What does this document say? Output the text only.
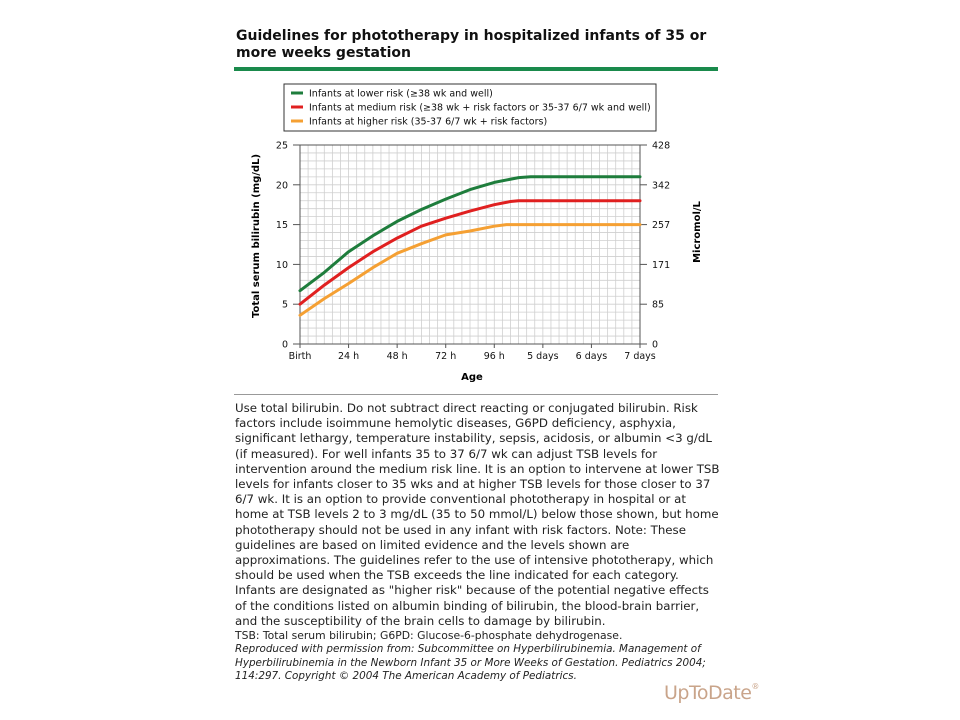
Guidelines for phototherapy in hospitalized infants of 35 or more weeks gestation
Infants at lower risk (≥38 wk and well)
Infants at medium risk (≥38 wk + risk factors or 35-37 6/7 wk and well)
Infants at higher risk (35-37 6/7 wk + risk factors)
0
5
10
15
20
25
0
85
171
257
342
428
Birth	24 h	48 h	72 h	96 h 5 days 6 days 7 days
Total serum bilirubin (mg/dL)	Micromol/L
Age

Use total bilirubin. Do not subtract direct reacting or conjugated bilirubin. Risk factors include isoimmune hemolytic diseases, G6PD deficiency, asphyxia, significant lethargy, temperature instability, sepsis, acidosis, or albumin <3 g/dL (if measured). For well infants 35 to 37 6/7 wk can adjust TSB levels for intervention around the medium risk line. It is an option to intervene at lower TSB levels for infants closer to 35 wks and at higher TSB levels for those closer to 37 6/7 wk. It is an option to provide conventional phototherapy in hospital or at home at TSB levels 2 to 3 mg/dL (35 to 50 mmol/L) below those shown, but home phototherapy should not be used in any infant with risk factors. Note: These guidelines are based on limited evidence and the levels shown are approximations. The guidelines refer to the use of intensive phototherapy, which should be used when the TSB exceeds the line indicated for each category. Infants are designated as "higher risk" because of the potential negative effects of the conditions listed on albumin binding of bilirubin, the blood-brain barrier, and the susceptibility of the brain cells to damage by bilirubin.

TSB: Total serum bilirubin; G6PD: Glucose-6-phosphate dehydrogenase.

Reproduced with permission from: Subcommittee on Hyperbilirubinemia. Management of Hyperbilirubinemia in the Newborn Infant 35 or More Weeks of Gestation. Pediatrics 2004; 114:297. Copyright © 2004 The American Academy of Pediatrics.

UpToDate®
